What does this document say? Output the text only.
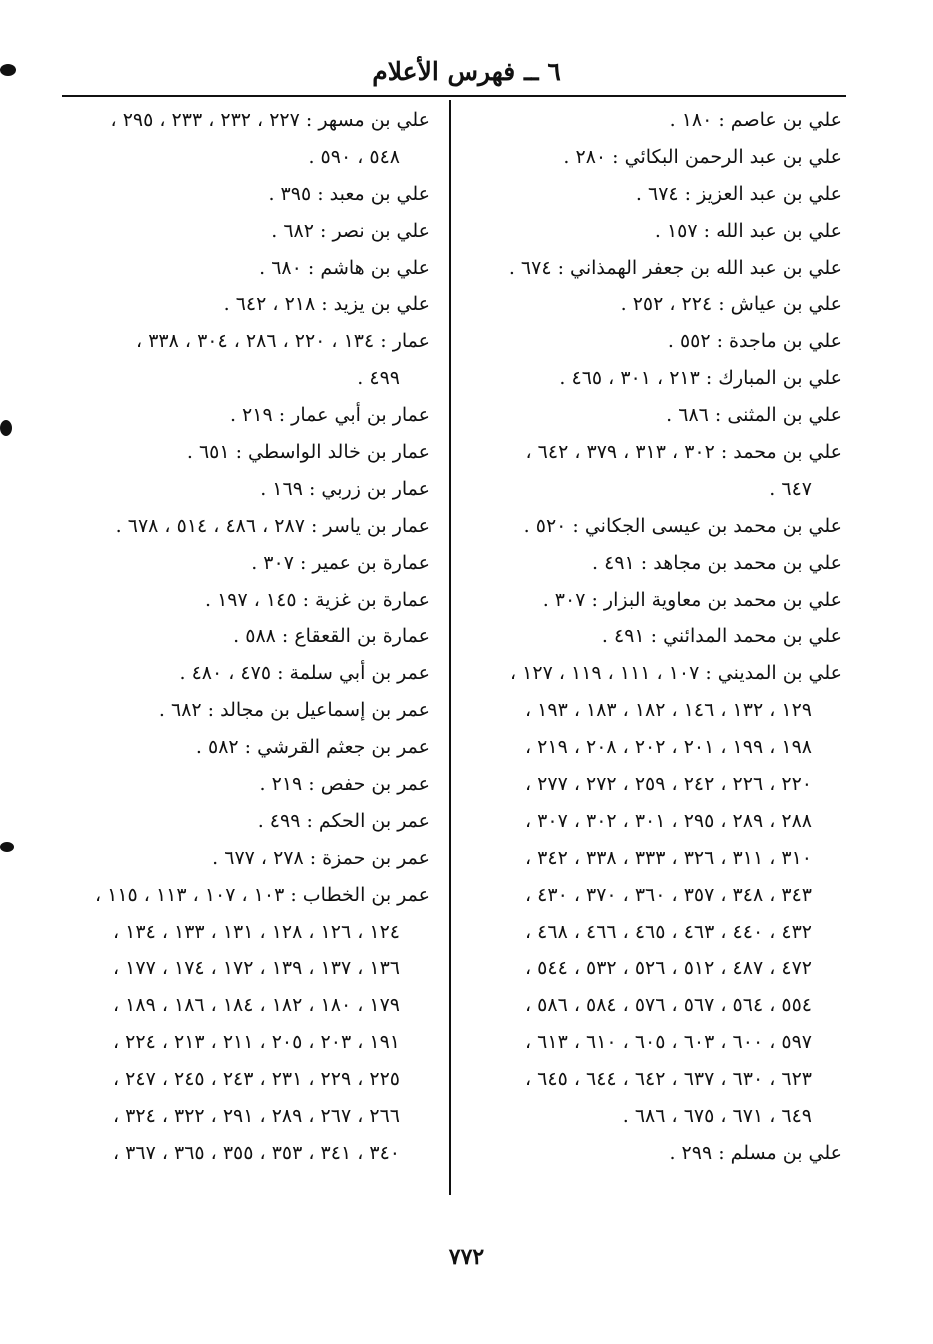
٦ ــ فهرس الأعلام
علي بن عاصم : ١٨٠ .
علي بن عبد الرحمن البكائي : ٢٨٠ .
علي بن عبد العزيز : ٦٧٤ .
علي بن عبد الله : ١٥٧ .
علي بن عبد الله بن جعفر الهمذاني : ٦٧٤ .
علي بن عياش : ٢٢٤ ، ٢٥٢ .
علي بن ماجدة : ٥٥٢ .
علي بن المبارك : ٢١٣ ، ٣٠١ ، ٤٦٥ .
علي بن المثنى : ٦٨٦ .
علي بن محمد : ٣٠٢ ، ٣١٣ ، ٣٧٩ ، ٦٤٢ ،
٦٤٧ .
علي بن محمد بن عيسى الجكاني : ٥٢٠ .
علي بن محمد بن مجاهد : ٤٩١ .
علي بن محمد بن معاوية البزار : ٣٠٧ .
علي بن محمد المدائني : ٤٩١ .
علي بن المديني : ١٠٧ ، ١١١ ، ١١٩ ، ١٢٧ ،
١٢٩ ، ١٣٢ ، ١٤٦ ، ١٨٢ ، ١٨٣ ، ١٩٣ ،
١٩٨ ، ١٩٩ ، ٢٠١ ، ٢٠٢ ، ٢٠٨ ، ٢١٩ ،
٢٢٠ ، ٢٢٦ ، ٢٤٢ ، ٢٥٩ ، ٢٧٢ ، ٢٧٧ ،
٢٨٨ ، ٢٨٩ ، ٢٩٥ ، ٣٠١ ، ٣٠٢ ، ٣٠٧ ،
٣١٠ ، ٣١١ ، ٣٢٦ ، ٣٣٣ ، ٣٣٨ ، ٣٤٢ ،
٣٤٣ ، ٣٤٨ ، ٣٥٧ ، ٣٦٠ ، ٣٧٠ ، ٤٣٠ ،
٤٣٢ ، ٤٤٠ ، ٤٦٣ ، ٤٦٥ ، ٤٦٦ ، ٤٦٨ ،
٤٧٢ ، ٤٨٧ ، ٥١٢ ، ٥٢٦ ، ٥٣٢ ، ٥٤٤ ،
٥٥٤ ، ٥٦٤ ، ٥٦٧ ، ٥٧٦ ، ٥٨٤ ، ٥٨٦ ،
٥٩٧ ، ٦٠٠ ، ٦٠٣ ، ٦٠٥ ، ٦١٠ ، ٦١٣ ،
٦٢٣ ، ٦٣٠ ، ٦٣٧ ، ٦٤٢ ، ٦٤٤ ، ٦٤٥ ،
٦٤٩ ، ٦٧١ ، ٦٧٥ ، ٦٨٦ .
علي بن مسلم : ٢٩٩ .
علي بن مسهر : ٢٢٧ ، ٢٣٢ ، ٢٣٣ ، ٢٩٥ ،
٥٤٨ ، ٥٩٠ .
علي بن معبد : ٣٩٥ .
علي بن نصر : ٦٨٢ .
علي بن هاشم : ٦٨٠ .
علي بن يزيد : ٢١٨ ، ٦٤٢ .
عمار : ١٣٤ ، ٢٢٠ ، ٢٨٦ ، ٣٠٤ ، ٣٣٨ ،
٤٩٩ .
عمار بن أبي عمار : ٢١٩ .
عمار بن خالد الواسطي : ٦٥١ .
عمار بن زربي : ١٦٩ .
عمار بن ياسر : ٢٨٧ ، ٤٨٦ ، ٥١٤ ، ٦٧٨ .
عمارة بن عمير : ٣٠٧ .
عمارة بن غزية : ١٤٥ ، ١٩٧ .
عمارة بن القعقاع : ٥٨٨ .
عمر بن أبي سلمة : ٤٧٥ ، ٤٨٠ .
عمر بن إسماعيل بن مجالد : ٦٨٢ .
عمر بن جعثم القرشي : ٥٨٢ .
عمر بن حفص : ٢١٩ .
عمر بن الحكم : ٤٩٩ .
عمر بن حمزة : ٢٧٨ ، ٦٧٧ .
عمر بن الخطاب : ١٠٣ ، ١٠٧ ، ١١٣ ، ١١٥ ،
١٢٤ ، ١٢٦ ، ١٢٨ ، ١٣١ ، ١٣٣ ، ١٣٤ ،
١٣٦ ، ١٣٧ ، ١٣٩ ، ١٧٢ ، ١٧٤ ، ١٧٧ ،
١٧٩ ، ١٨٠ ، ١٨٢ ، ١٨٤ ، ١٨٦ ، ١٨٩ ،
١٩١ ، ٢٠٣ ، ٢٠٥ ، ٢١١ ، ٢١٣ ، ٢٢٤ ،
٢٢٥ ، ٢٢٩ ، ٢٣١ ، ٢٤٣ ، ٢٤٥ ، ٢٤٧ ،
٢٦٦ ، ٢٦٧ ، ٢٨٩ ، ٢٩١ ، ٣٢٢ ، ٣٢٤ ،
٣٤٠ ، ٣٤١ ، ٣٥٣ ، ٣٥٥ ، ٣٦٥ ، ٣٦٧ ،
٧٧٢
